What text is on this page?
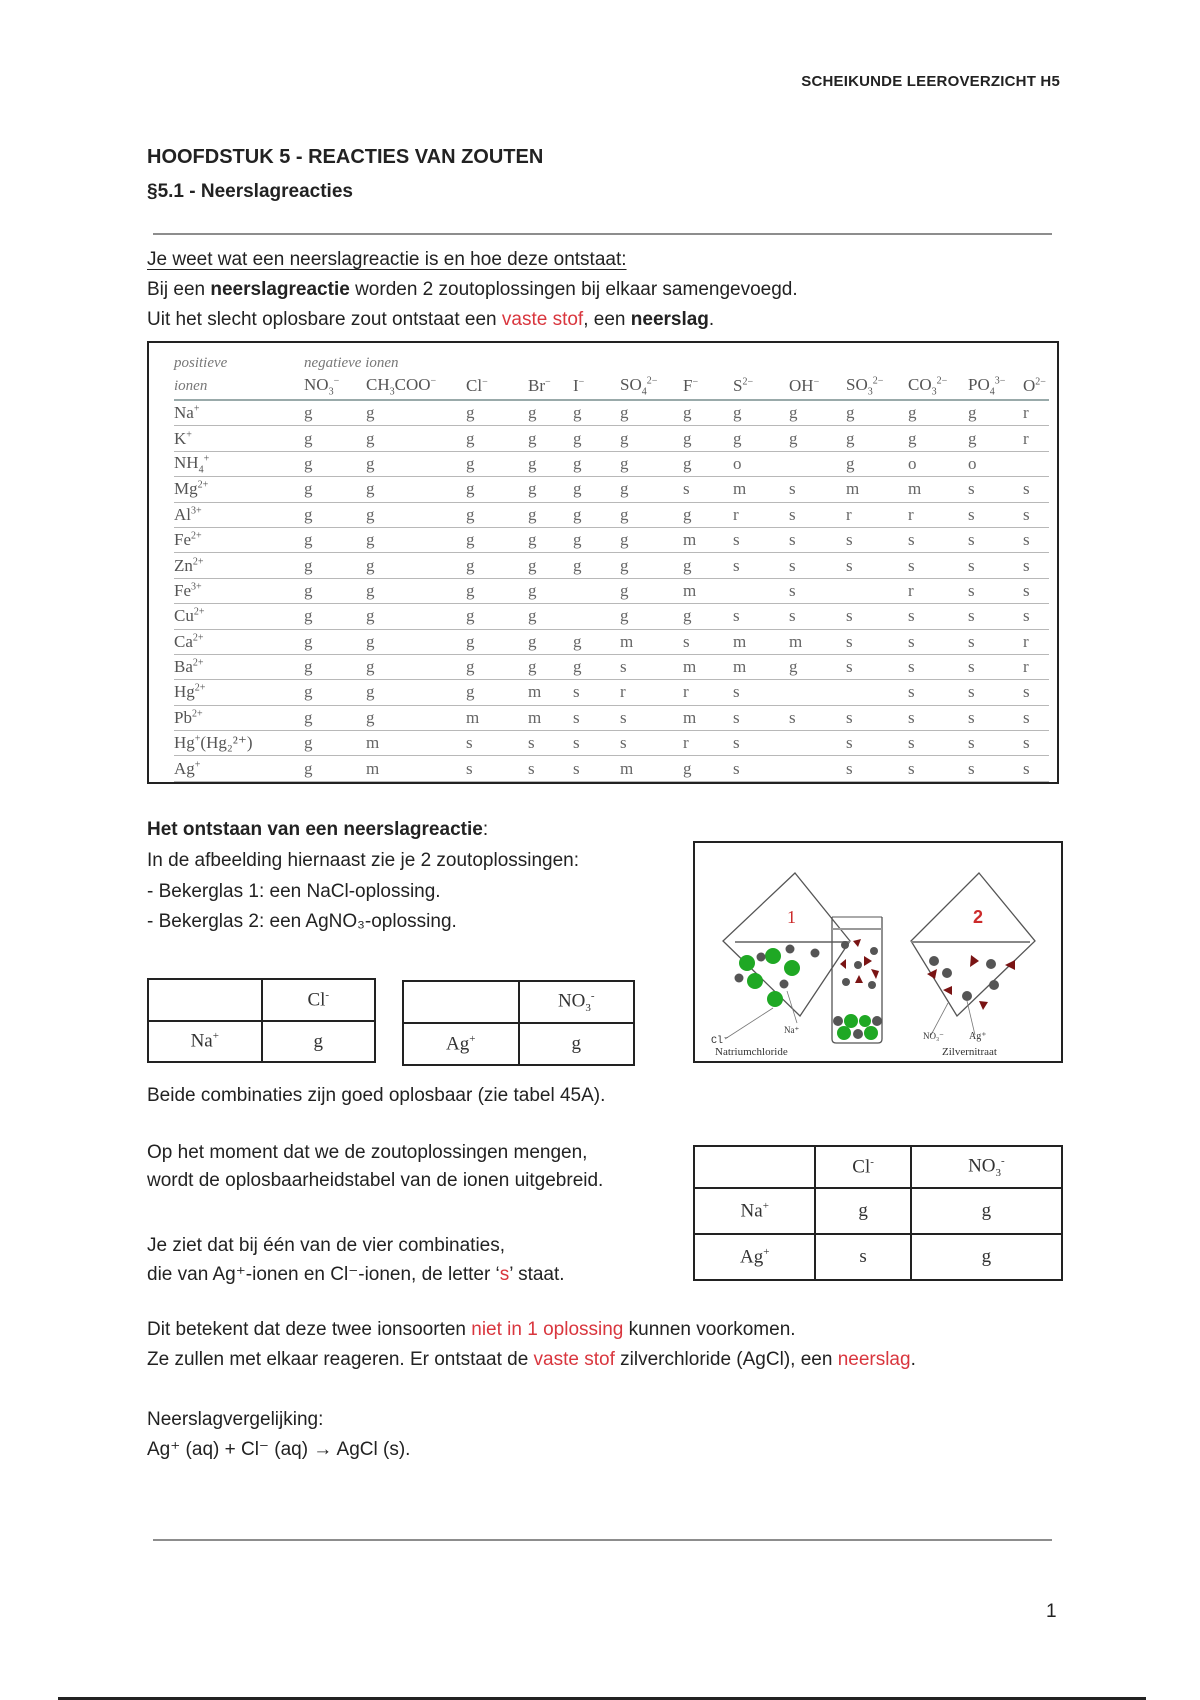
SCHEIKUNDE LEEROVERZICHT H5
HOOFDSTUK 5 - REACTIES VAN ZOUTEN
§5.1 - Neerslagreacties
Je weet wat een neerslagreactie is en hoe deze ontstaat:
Bij een neerslagreactie worden 2 zoutoplossingen bij elkaar samengevoegd.
Uit het slecht oplosbare zout ontstaat een vaste stof, een neerslag.
positieve	negatieve ionen												
ionen	$NO_3^-$	$CH_3COO^-$	Cl−	Br−	I−	$SO_4^{2-}$	F−	$S^{2-}$	OH−	$SO_3^{2-}$	$CO_3^{2-}$	$PO_4^{3-}$	$O^{2-}$
Na+	g	g	g	g	g	g	g	g	g	g	g	g	r
K+	g	g	g	g	g	g	g	g	g	g	g	g	r
$NH_4^+$	g	g	g	g	g	g	g	o		g	o	o	
$Mg^{2+}$	g	g	g	g	g	g	s	m	s	m	m	s	s
$Al^{3+}$	g	g	g	g	g	g	g	r	s	r	r	s	s
$Fe^{2+}$	g	g	g	g	g	g	m	s	s	s	s	s	s
$Zn^{2+}$	g	g	g	g	g	g	g	s	s	s	s	s	s
$Fe^{3+}$	g	g	g	g		g	m		s		r	s	s
$Cu^{2+}$	g	g	g	g		g	g	s	s	s	s	s	s
$Ca^{2+}$	g	g	g	g	g	m	s	m	m	s	s	s	r
$Ba^{2+}$	g	g	g	g	g	s	m	m	g	s	s	s	r
$Hg^{2+}$	g	g	g	m	s	r	r	s			s	s	s
$Pb^{2+}$	g	g	m	m	s	s	m	s	s	s	s	s	s
Hg+(Hg₂²⁺)	g	m	s	s	s	s	r	s		s	s	s	s
Ag+	g	m	s	s	s	m	g	s		s	s	s	s
Het ontstaan van een neerslagreactie:
In de afbeelding hiernaast zie je 2 zoutoplossingen:
- Bekerglas 1: een NaCl-oplossing.
- Bekerglas 2: een AgNO₃-oplossing.
	Cl-
Na+	g
	$NO_3^-$
Ag+	g
1	2
Cl⁻
Na⁺
NO₃⁻	Ag⁺
Natriumchloride	Zilvernitraat
Beide combinaties zijn goed oplosbaar (zie tabel 45A).
Op het moment dat we de zoutoplossingen mengen,
wordt de oplosbaarheidstabel van de ionen uitgebreid.
Je ziet dat bij één van de vier combinaties,
die van Ag⁺-ionen en Cl⁻-ionen, de letter ‘s’ staat.
	Cl-	$NO_3^-$
Na+	g	g
Ag+	s	g
Dit betekent dat deze twee ionsoorten niet in 1 oplossing kunnen voorkomen.
Ze zullen met elkaar reageren. Er ontstaat de vaste stof zilverchloride (AgCl), een neerslag.
Neerslagvergelijking:
Ag⁺ (aq) + Cl⁻ (aq) → AgCl (s).
1
